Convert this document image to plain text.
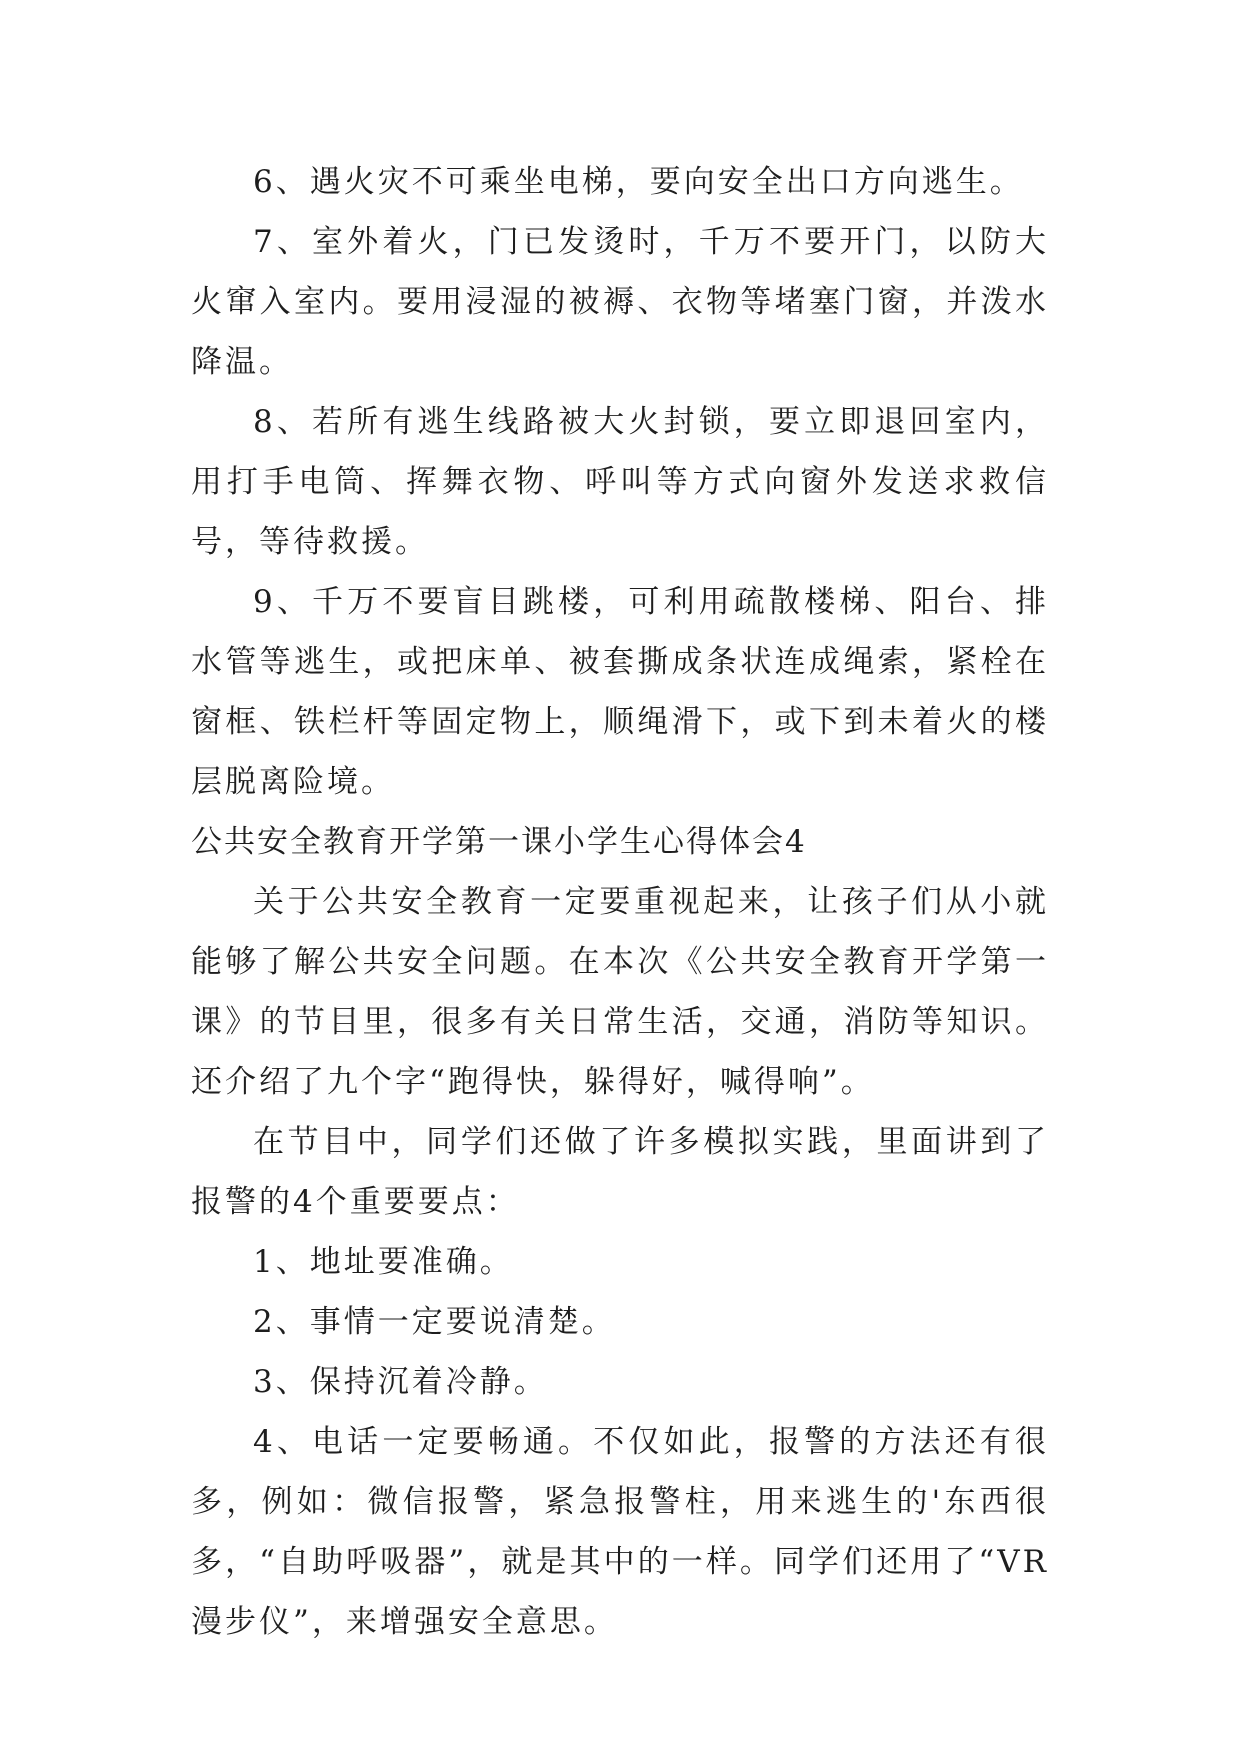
6、遇火灾不可乘坐电梯，要向安全出口方向逃生。

7、室外着火，门已发烫时，千万不要开门，以防大火窜入室内。要用浸湿的被褥、衣物等堵塞门窗，并泼水降温。

8、若所有逃生线路被大火封锁，要立即退回室内，用打手电筒、挥舞衣物、呼叫等方式向窗外发送求救信号，等待救援。

9、千万不要盲目跳楼，可利用疏散楼梯、阳台、排水管等逃生，或把床单、被套撕成条状连成绳索，紧栓在窗框、铁栏杆等固定物上，顺绳滑下，或下到未着火的楼层脱离险境。

公共安全教育开学第一课小学生心得体会4

关于公共安全教育一定要重视起来，让孩子们从小就能够了解公共安全问题。在本次《公共安全教育开学第一课》的节目里，很多有关日常生活，交通，消防等知识。还介绍了九个字“跑得快，躲得好，喊得响”。

在节目中，同学们还做了许多模拟实践，里面讲到了报警的4个重要要点：

1、地址要准确。

2、事情一定要说清楚。

3、保持沉着冷静。

4、电话一定要畅通。不仅如此，报警的方法还有很多，例如：微信报警，紧急报警柱，用来逃生的'东西很多，“自助呼吸器”，就是其中的一样。同学们还用了“VR漫步仪”，来增强安全意思。
